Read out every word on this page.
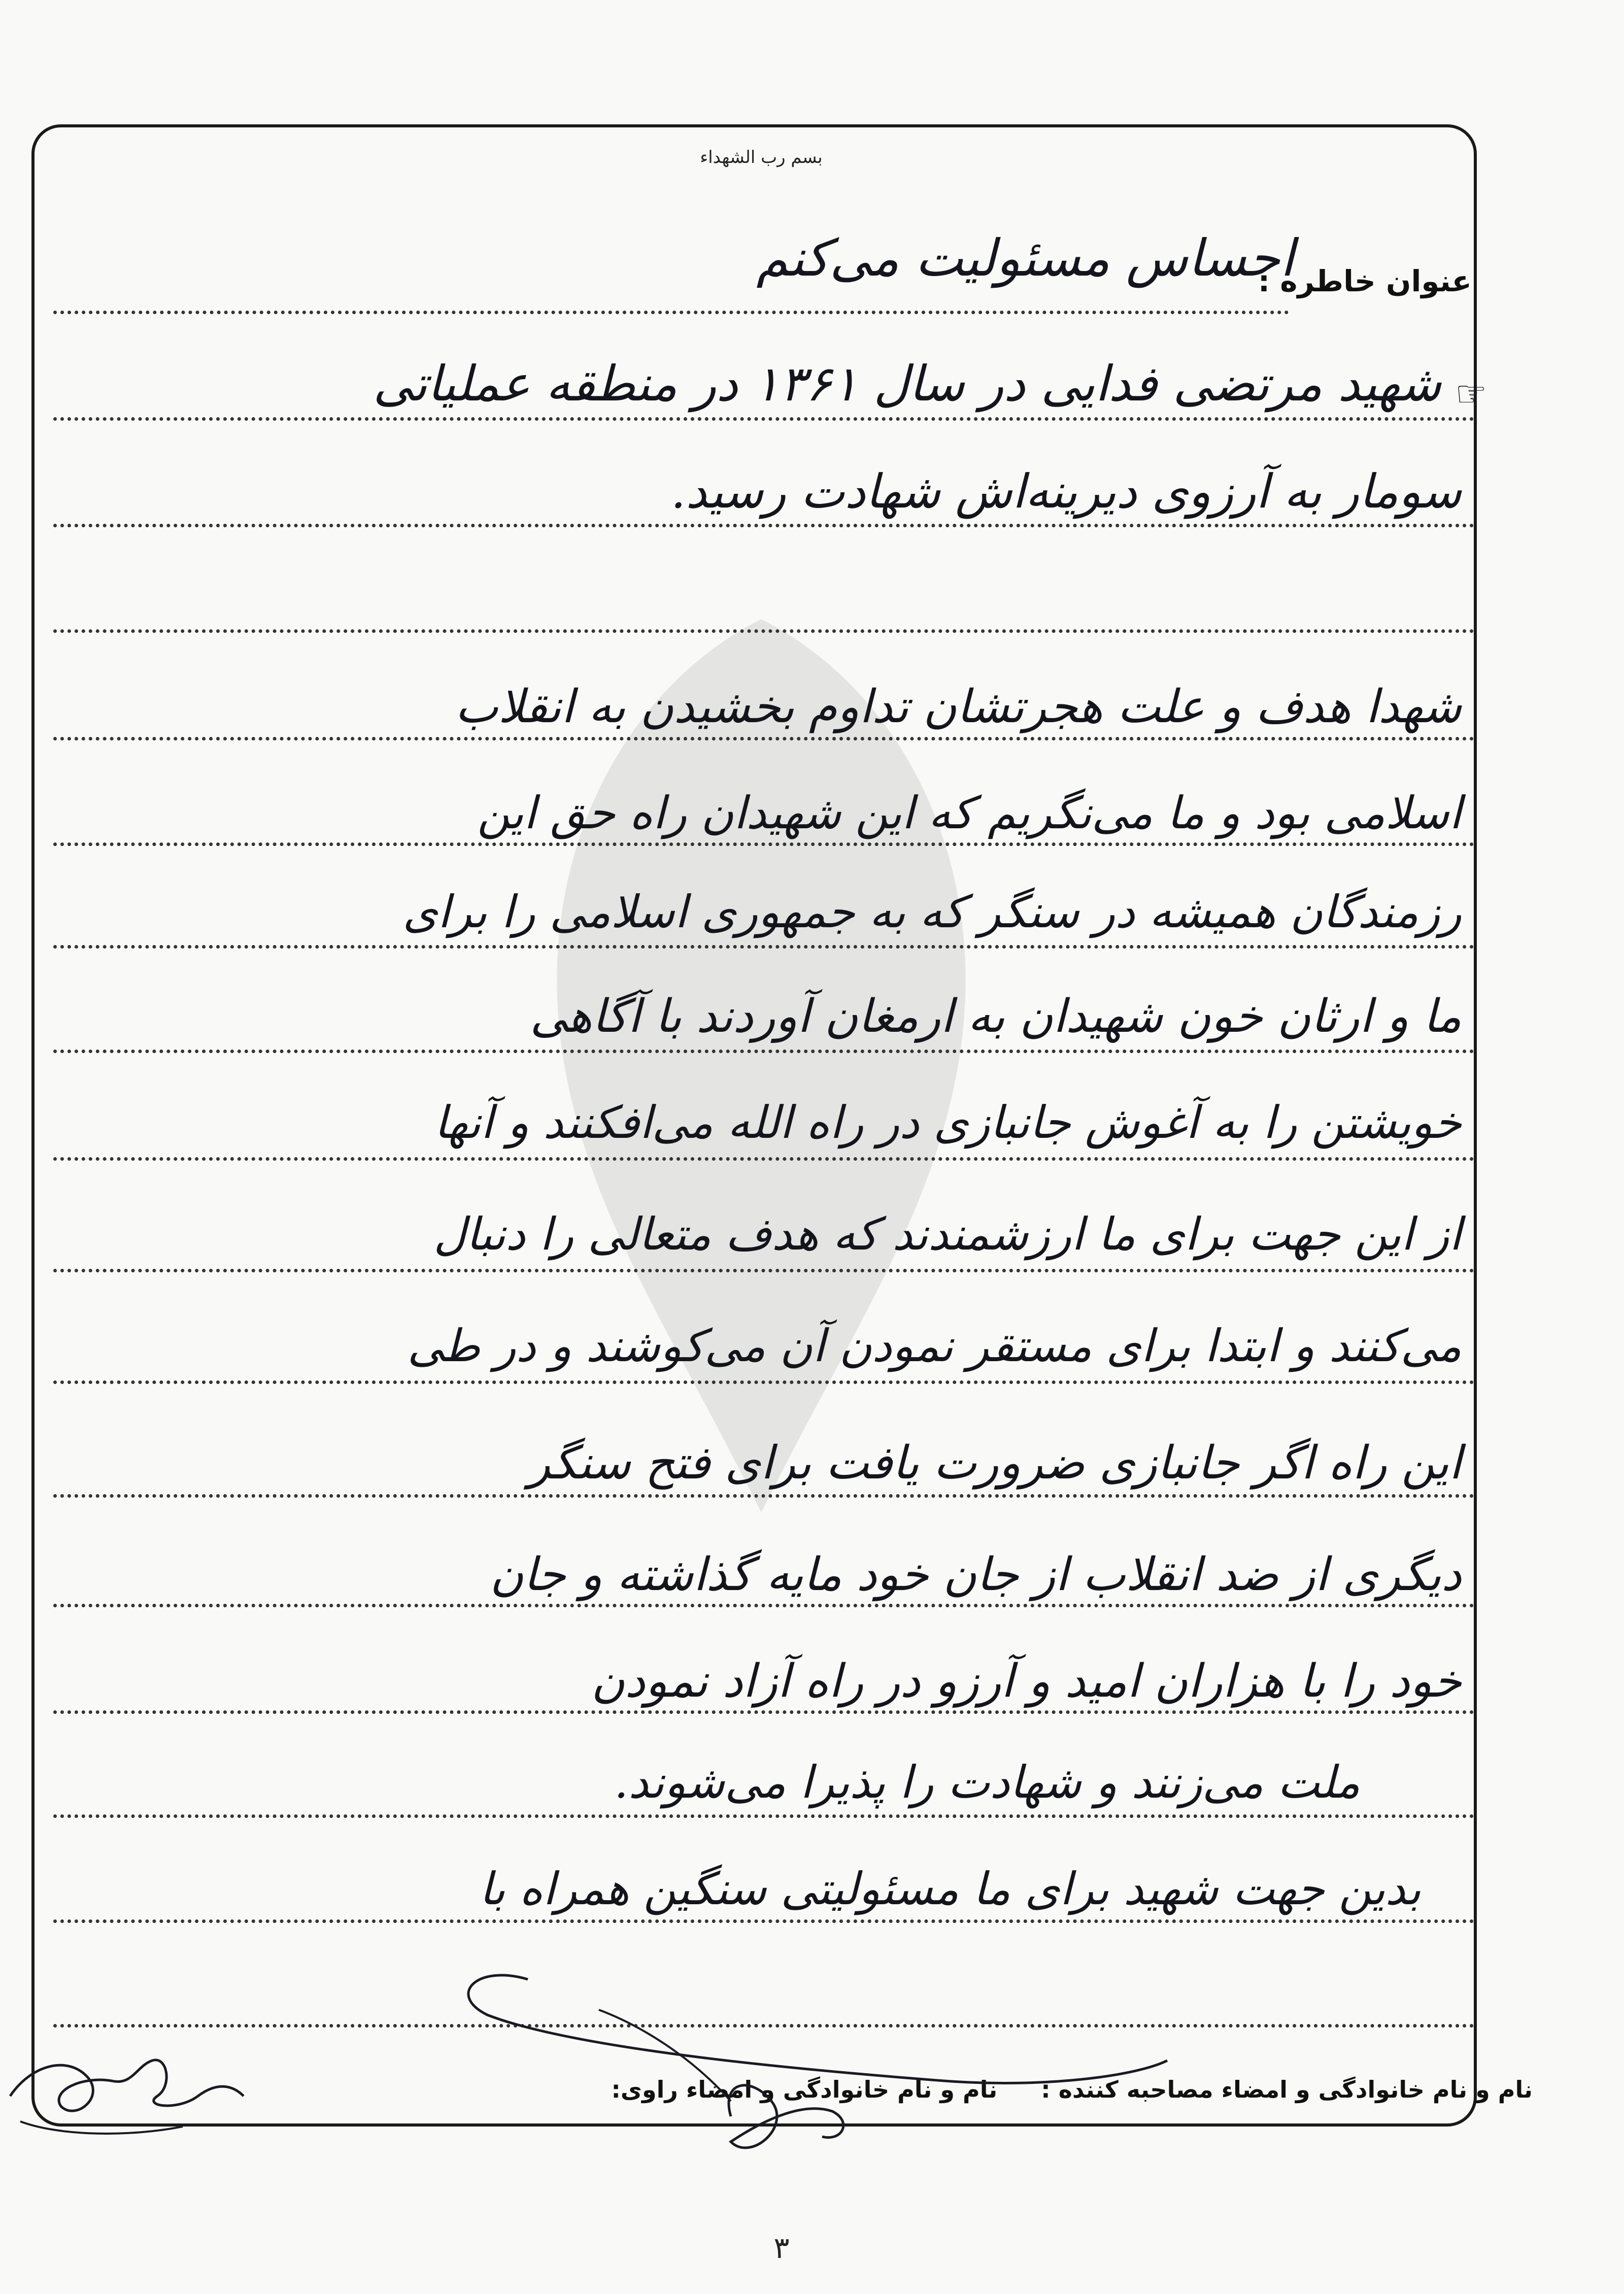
بسم رب الشهداء
عنوان خاطره :
احساس مسئولیت می‌کنم
☞
شهید مرتضی فدایی در سال ۱۳۶۱ در منطقه عملیاتی
سومار به آرزوی دیرینه‌اش شهادت رسید.
شهدا هدف و علت هجرتشان تداوم بخشیدن به انقلاب
اسلامی بود و ما می‌نگریم که این شهیدان راه حق این
رزمندگان همیشه در سنگر که به جمهوری اسلامی را برای
ما و ارثان خون شهیدان به ارمغان آوردند با آگاهی
خویشتن را به آغوش جانبازی در راه الله می‌افکنند و آنها
از این جهت برای ما ارزشمندند که هدف متعالی را دنبال
می‌کنند و ابتدا برای مستقر نمودن آن می‌کوشند و در طی
این راه اگر جانبازی ضرورت یافت برای فتح سنگر
دیگری از ضد انقلاب از جان خود مایه گذاشته و جان
خود را با هزاران امید و آرزو در راه آزاد نمودن
ملت می‌زنند و شهادت را پذیرا می‌شوند.
بدین جهت شهید برای ما مسئولیتی سنگین همراه با
نام و نام خانوادگی و امضاء مصاحبه کننده : نام و نام خانوادگی و امضاء راوی:
۳
